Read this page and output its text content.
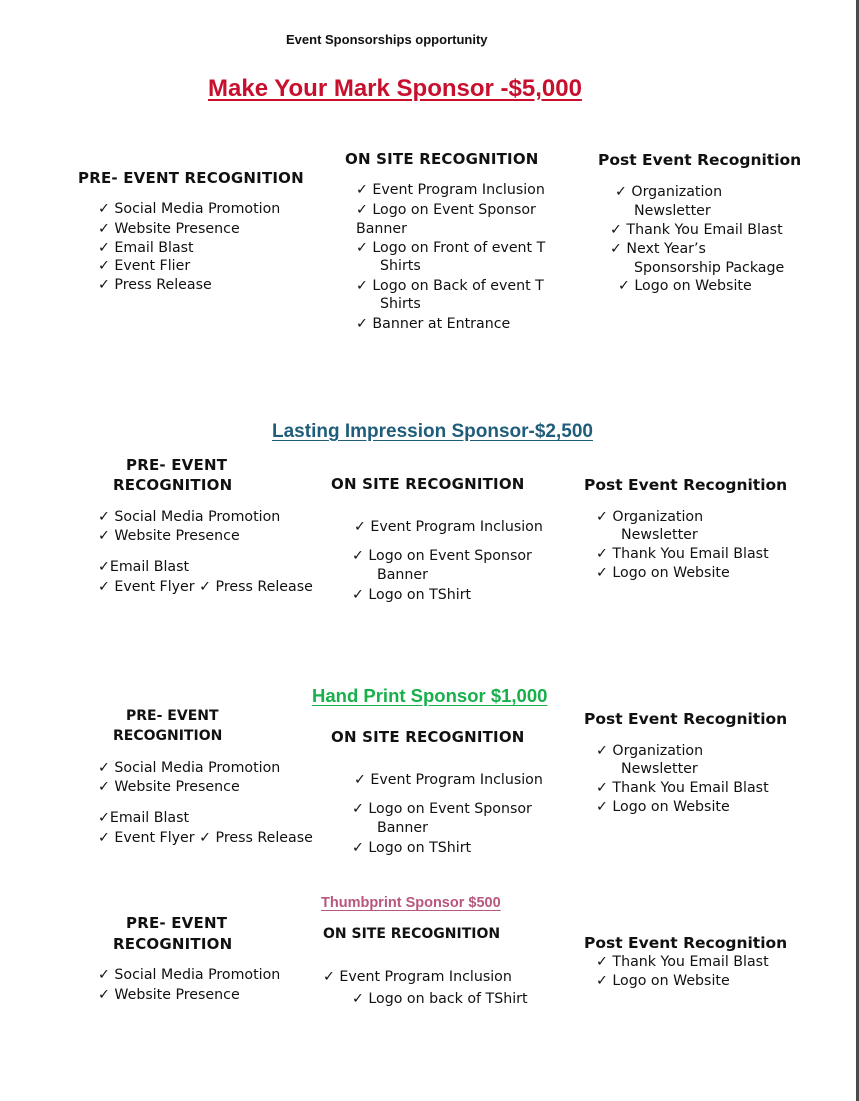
Event Sponsorships opportunity
Make Your Mark Sponsor -$5,000
PRE- EVENT RECOGNITION
✓ Social Media Promotion
✓ Website Presence
✓ Email Blast
✓ Event Flier
✓ Press Release
ON SITE RECOGNITION
✓ Event Program Inclusion
✓ Logo on Event Sponsor
Banner
✓ Logo on Front of event T
Shirts
✓ Logo on Back of event T
Shirts
✓ Banner at Entrance
Post Event Recognition
✓ Organization
Newsletter
✓ Thank You Email Blast
✓ Next Year’s
Sponsorship Package
✓ Logo on Website
Lasting Impression Sponsor-$2,500
PRE- EVENT
RECOGNITION
✓ Social Media Promotion
✓ Website Presence
✓Email Blast
✓ Event Flyer ✓ Press Release
ON SITE RECOGNITION
✓ Event Program Inclusion
✓ Logo on Event Sponsor
Banner
✓ Logo on TShirt
Post Event Recognition
✓ Organization
Newsletter
✓ Thank You Email Blast
✓ Logo on Website
Hand Print Sponsor $1,000
PRE- EVENT
RECOGNITION
✓ Social Media Promotion
✓ Website Presence
✓Email Blast
✓ Event Flyer ✓ Press Release
ON SITE RECOGNITION
✓ Event Program Inclusion
✓ Logo on Event Sponsor
Banner
✓ Logo on TShirt
Post Event Recognition
✓ Organization
Newsletter
✓ Thank You Email Blast
✓ Logo on Website
Thumbprint Sponsor $500
PRE- EVENT
RECOGNITION
✓ Social Media Promotion
✓ Website Presence
ON SITE RECOGNITION
✓ Event Program Inclusion
✓ Logo on back of TShirt
Post Event Recognition
✓ Thank You Email Blast
✓ Logo on Website
